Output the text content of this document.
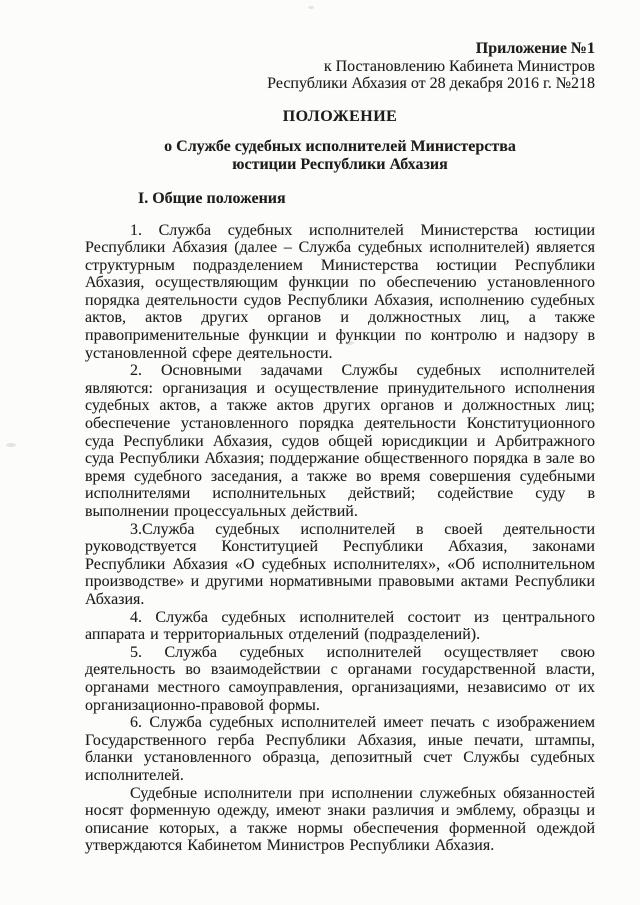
Приложение №1
к Постановлению Кабинета Министров
Республики Абхазия от 28 декабря 2016 г. №218
ПОЛОЖЕНИЕ
о Службе судебных исполнителей Министерства
юстиции Республики Абхазия
I. Общие положения

1. Служба судебных исполнителей Министерства юстиции Республики Абхазия (далее – Служба судебных исполнителей) является структурным подразделением Министерства юстиции Республики Абхазия, осуществляющим функции по обеспечению установленного порядка деятельности судов Республики Абхазия, исполнению судебных актов, актов других органов и должностных лиц, а также правоприменительные функции и функции по контролю и надзору в установленной сфере деятельности.

2. Основными задачами Службы судебных исполнителей являются: организация и осуществление принудительного исполнения судебных актов, а также актов других органов и должностных лиц; обеспечение установленного порядка деятельности Конституционного суда Республики Абхазия, судов общей юрисдикции и Арбитражного суда Республики Абхазия; поддержание общественного порядка в зале во время судебного заседания, а также во время совершения судебными исполнителями исполнительных действий; содействие суду в выполнении процессуальных действий.

3.Служба судебных исполнителей в своей деятельности руководствуется Конституцией Республики Абхазия, законами Республики Абхазия «О судебных исполнителях», «Об исполнительном производстве» и другими нормативными правовыми актами Республики Абхазия.

4. Служба судебных исполнителей состоит из центрального аппарата и территориальных отделений (подразделений).

5. Служба судебных исполнителей осуществляет свою деятельность во взаимодействии с органами государственной власти, органами местного самоуправления, организациями, независимо от их организационно-правовой формы.

6. Служба судебных исполнителей имеет печать с изображением Государственного герба Республики Абхазия, иные печати, штампы, бланки установленного образца, депозитный счет Службы судебных исполнителей.

Судебные исполнители при исполнении служебных обязанностей носят форменную одежду, имеют знаки различия и эмблему, образцы и описание которых, а также нормы обеспечения форменной одеждой утверждаются Кабинетом Министров Республики Абхазия.
